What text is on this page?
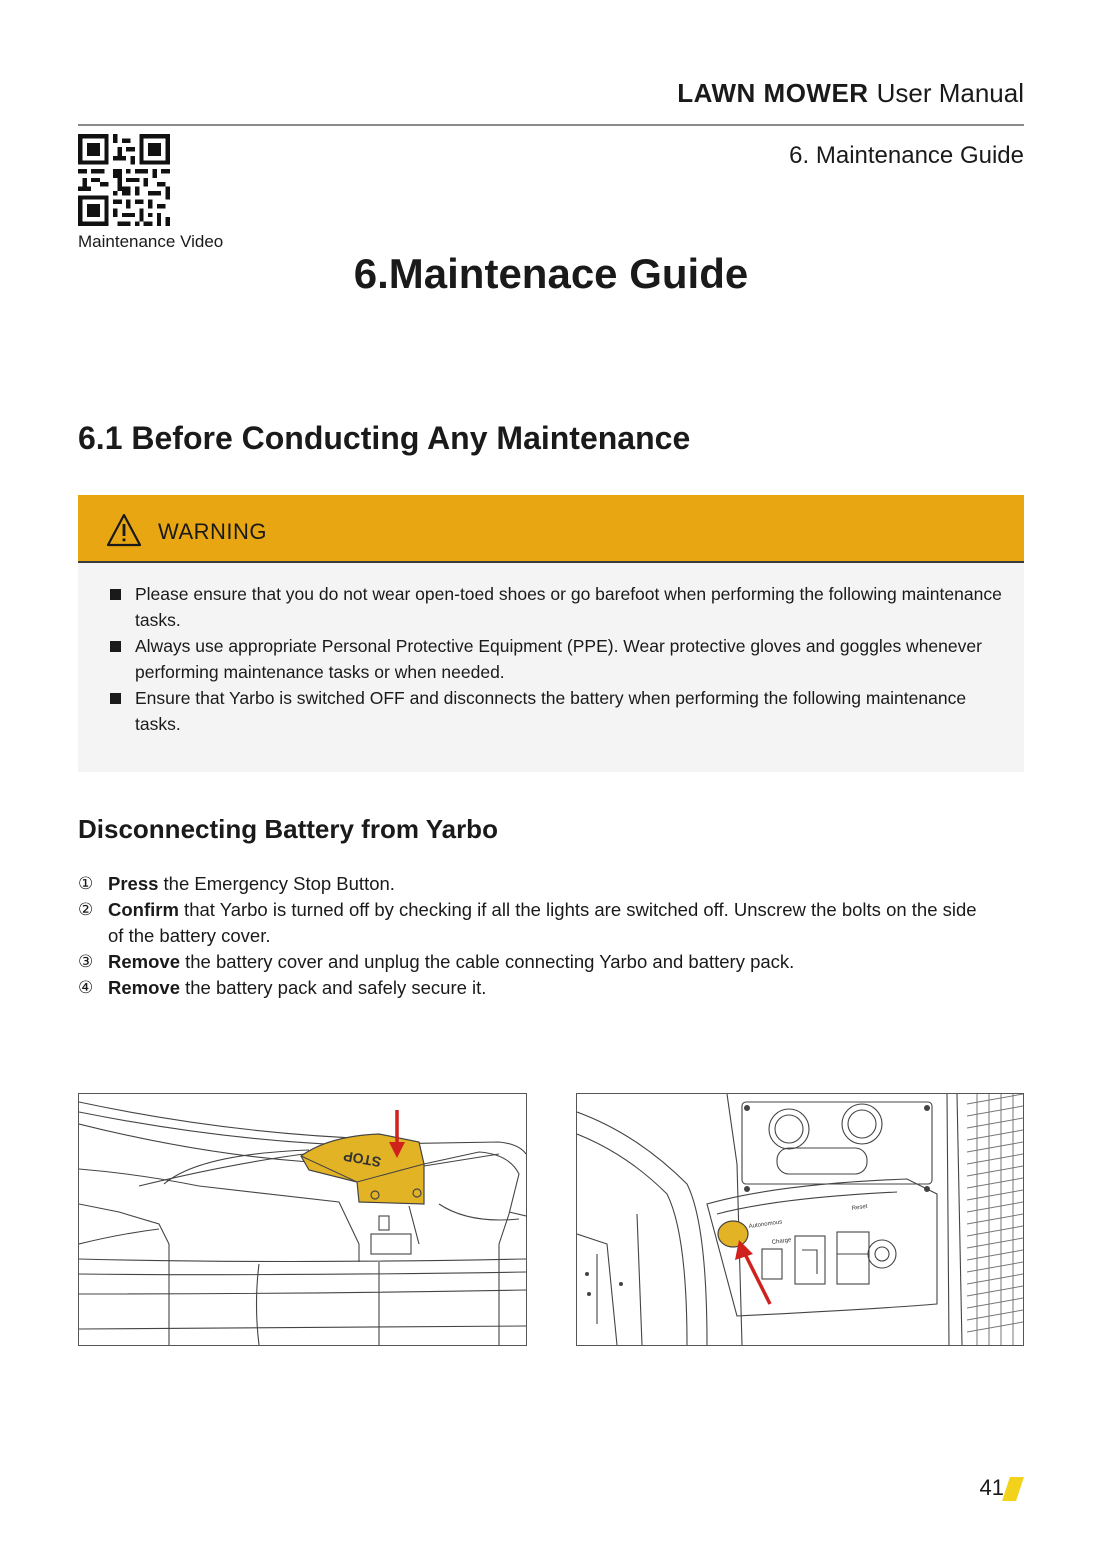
LAWN MOWER User Manual
6. Maintenance Guide
Maintenance Video
6.Maintenace Guide
6.1 Before Conducting Any Maintenance
WARNING
Please ensure that you do not wear open-toed shoes or go barefoot when performing the following maintenance tasks.
Always use appropriate Personal Protective Equipment (PPE). Wear protective gloves and goggles whenever performing maintenance tasks or when needed.
Ensure that Yarbo is switched OFF and disconnects the battery when performing the following maintenance tasks.
Disconnecting Battery from Yarbo
① Press the Emergency Stop Button.
② Confirm that Yarbo is turned off by checking if all the lights are switched off. Unscrew the bolts on the side of the battery cover.
③ Remove the battery cover and unplug the cable connecting Yarbo and battery pack.
④ Remove the battery pack and safely secure it.
STOP
Autonomous
Charge
Reset
41
